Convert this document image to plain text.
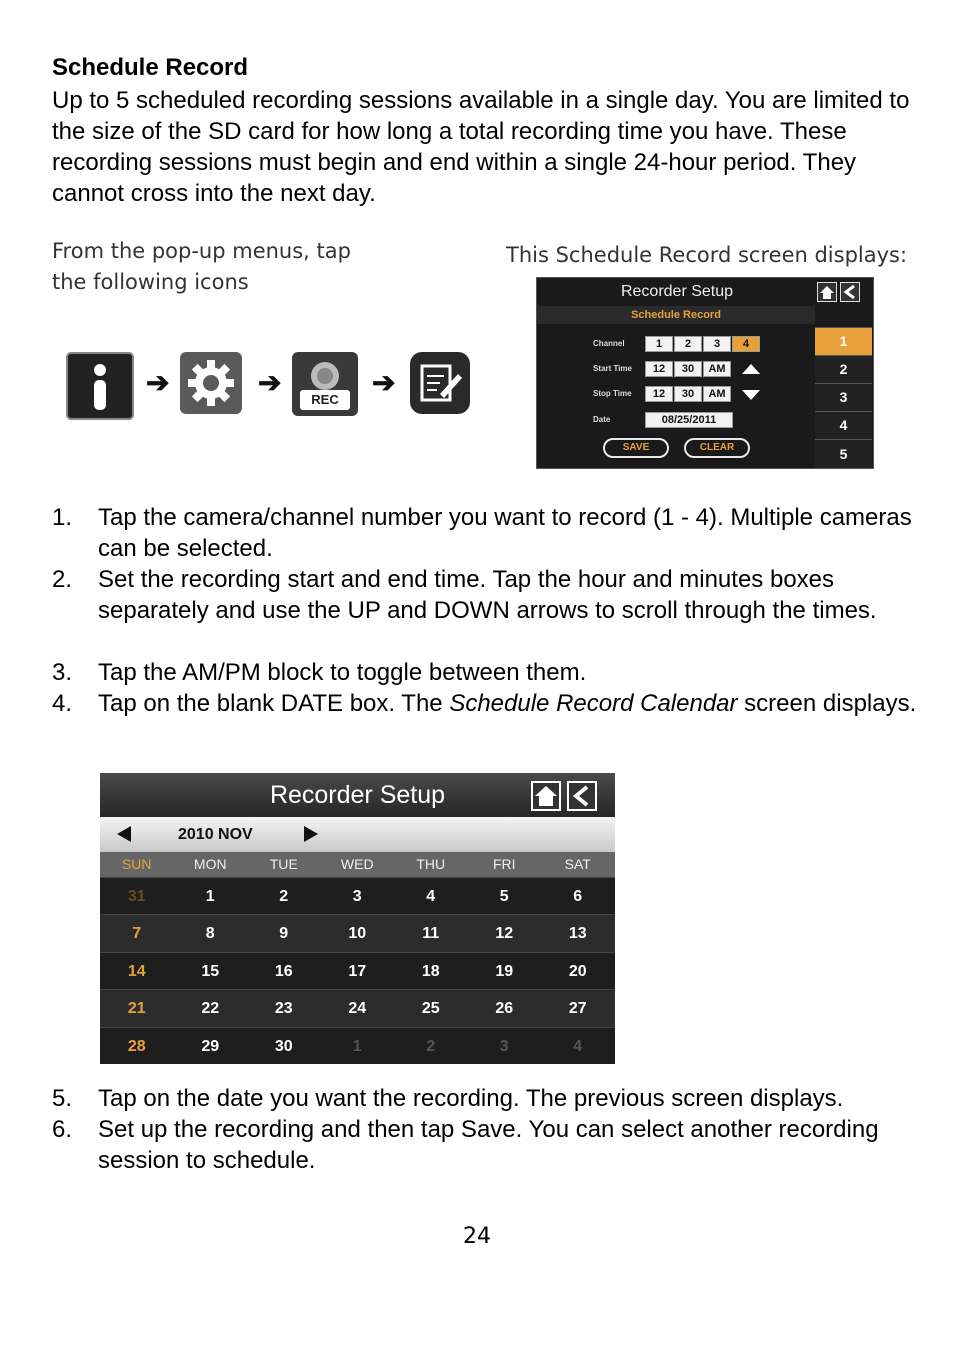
Schedule Record
Up to 5 scheduled recording sessions available in a single day. You are limited to the size of the SD card for how long a total recording time you have. These recording sessions must begin and end within a single 24-hour period. They cannot cross into the next day.
From the pop-up menus, tap the following icons
This Schedule Record screen displays:
➔	➔
REC
➔
Recorder Setup
Schedule Record
Channel	1	2	3	4
Start Time	12	30	AM
Stop Time	12	30	AM
Date	08/25/2011
SAVE	CLEAR
1
2
3
4
5
1. Tap the camera/channel number you want to record (1 - 4). Multiple cameras can be selected.
2. Set the recording start and end time. Tap the hour and minutes boxes separately and use the UP and DOWN arrows to scroll through the times.
3. Tap the AM/PM block to toggle between them.
4. Tap on the blank DATE box. The Schedule Record Calendar screen displays.
Recorder Setup
2010 NOV
SUN	MON	TUE	WED	THU	FRI	SAT
31	1	2	3	4	5	6
7	8	9	10	11	12	13
14	15	16	17	18	19	20
21	22	23	24	25	26	27
28	29	30	1	2	3	4
5. Tap on the date you want the recording. The previous screen displays.
6. Set up the recording and then tap Save. You can select another recording session to schedule.
24
